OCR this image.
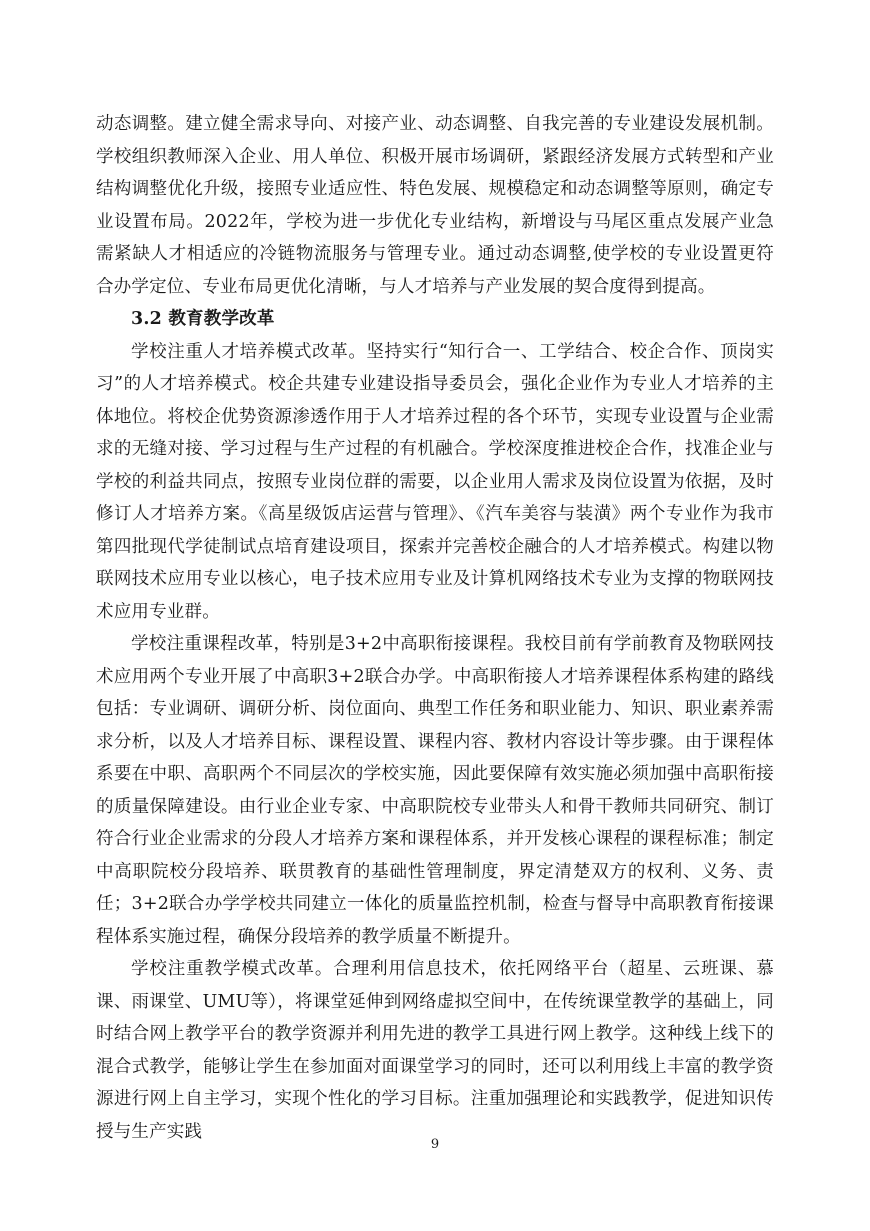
动态调整。建立健全需求导向、对接产业、动态调整、自我完善的专业建设发展机制。学校组织教师深入企业、用人单位、积极开展市场调研，紧跟经济发展方式转型和产业结构调整优化升级，接照专业适应性、特色发展、规模稳定和动态调整等原则，确定专业设置布局。2022年，学校为进一步优化专业结构，新增设与马尾区重点发展产业急需紧缺人才相适应的冷链物流服务与管理专业。通过动态调整,使学校的专业设置更符合办学定位、专业布局更优化清晰，与人才培养与产业发展的契合度得到提高。

3.2 教育教学改革

学校注重人才培养模式改革。坚持实行“知行合一、工学结合、校企合作、顶岗实习”的人才培养模式。校企共建专业建设指导委员会，强化企业作为专业人才培养的主体地位。将校企优势资源渗透作用于人才培养过程的各个环节，实现专业设置与企业需求的无缝对接、学习过程与生产过程的有机融合。学校深度推进校企合作，找准企业与学校的利益共同点，按照专业岗位群的需要，以企业用人需求及岗位设置为依据，及时修订人才培养方案。《高星级饭店运营与管理》、《汽车美容与装潢》两个专业作为我市第四批现代学徒制试点培育建设项目，探索并完善校企融合的人才培养模式。构建以物联网技术应用专业以核心，电子技术应用专业及计算机网络技术专业为支撑的物联网技术应用专业群。

学校注重课程改革，特别是3+2中高职衔接课程。我校目前有学前教育及物联网技术应用两个专业开展了中高职3+2联合办学。中高职衔接人才培养课程体系构建的路线包括：专业调研、调研分析、岗位面向、典型工作任务和职业能力、知识、职业素养需求分析，以及人才培养目标、课程设置、课程内容、教材内容设计等步骤。由于课程体系要在中职、高职两个不同层次的学校实施，因此要保障有效实施必须加强中高职衔接的质量保障建设。由行业企业专家、中高职院校专业带头人和骨干教师共同研究、制订符合行业企业需求的分段人才培养方案和课程体系，并开发核心课程的课程标准；制定中高职院校分段培养、联贯教育的基础性管理制度，界定清楚双方的权利、义务、责任；3+2联合办学学校共同建立一体化的质量监控机制，检查与督导中高职教育衔接课程体系实施过程，确保分段培养的教学质量不断提升。

学校注重教学模式改革。合理利用信息技术，依托网络平台（超星、云班课、慕课、雨课堂、UMU等），将课堂延伸到网络虚拟空间中，在传统课堂教学的基础上，同时结合网上教学平台的教学资源并利用先进的教学工具进行网上教学。这种线上线下的混合式教学，能够让学生在参加面对面课堂学习的同时，还可以利用线上丰富的教学资源进行网上自主学习，实现个性化的学习目标。注重加强理论和实践教学，促进知识传授与生产实践

9
